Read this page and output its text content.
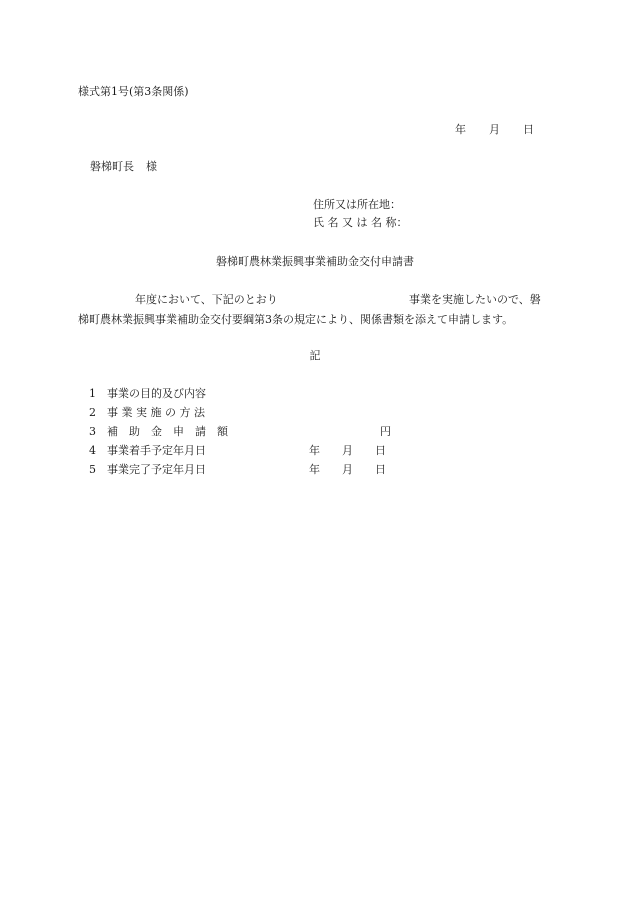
様式第1号(第3条関係)
年 月 日
磐梯町長 様
住所又は所在地：
氏 名 又 は 名 称：
磐梯町農林業振興事業補助金交付申請書
年度において、下記のとおり	事業を実施したいので、磐
梯町農林業振興事業補助金交付要綱第3条の規定により、関係書類を添えて申請します。
記
1 事業の目的及び内容
2 事 業 実 施 の 方 法
3 補　助　金　申　請　額	円
4 事業着手予定年月日	年 月 日
5 事業完了予定年月日	年 月 日
